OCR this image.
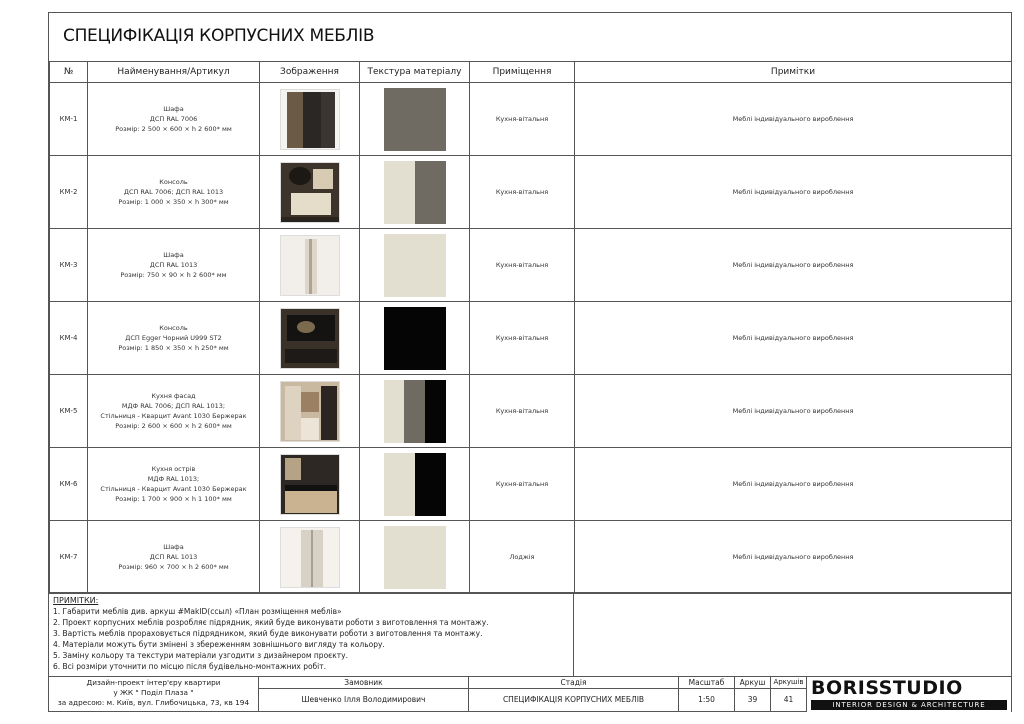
СПЕЦИФІКАЦІЯ КОРПУСНИХ МЕБЛІВ
№	Найменування/Артикул	Зображення	Текстура матеріалу	Приміщення	Примітки
КМ-1	Шафа
ДСП RAL 7006
Розмір: 2 500 × 600 × h 2 600* мм			Кухня-вітальня	Меблі індивідуального вироблення
КМ-2	Консоль
ДСП RAL 7006; ДСП RAL 1013
Розмір: 1 000 × 350 × h 300* мм			Кухня-вітальня	Меблі індивідуального вироблення
КМ-3	Шафа
ДСП RAL 1013
Розмір: 750 × 90 × h 2 600* мм			Кухня-вітальня	Меблі індивідуального вироблення
КМ-4	Консоль
ДСП Egger Чорний U999 ST2
Розмір: 1 850 × 350 × h 250* мм			Кухня-вітальня	Меблі індивідуального вироблення
КМ-5	Кухня фасад
МДФ RAL 7006; ДСП RAL 1013;
Стільниця - Кварцит Avant 1030 Бержерак
Розмір: 2 600 × 600 × h 2 600* мм			Кухня-вітальня	Меблі індивідуального вироблення
КМ-6	Кухня острів
МДФ RAL 1013;
Стільниця - Кварцит Avant 1030 Бержерак
Розмір: 1 700 × 900 × h 1 100* мм			Кухня-вітальня	Меблі індивідуального вироблення
КМ-7	Шафа
ДСП RAL 1013
Розмір: 960 × 700 × h 2 600* мм			Лоджія	Меблі індивідуального вироблення
ПРИМІТКИ:
1. Габарити меблів див. аркуш #MakID(ссыл) «План розміщення меблів»
2. Проект корпусних меблів розробляє підрядник, який буде виконувати роботи з виготовлення та монтажу.
3. Вартість меблів прораховується підрядником, який буде виконувати роботи з виготовлення та монтажу.
4. Матеріали можуть бути змінені з збереженням зовнішнього вигляду та кольору.
5. Заміну кольору та текстури матеріали узгодити з дизайнером проєкту.
6. Всі розміри уточнити по місцю після будівельно-монтажних робіт.
Дизайн-проект інтер'єру квартири
у ЖК " Поділ Плаза "
за адресою: м. Київ, вул. Глибочицька, 73, кв 194
Замовник
Шевченко Ілля Володимирович
Стадія
СПЕЦИФІКАЦІЯ КОРПУСНИХ МЕБЛІВ
Масштаб
1:50
Аркуш
39
Аркушів
41
BORISSTUDIO
INTERIOR DESIGN & ARCHITECTURE
